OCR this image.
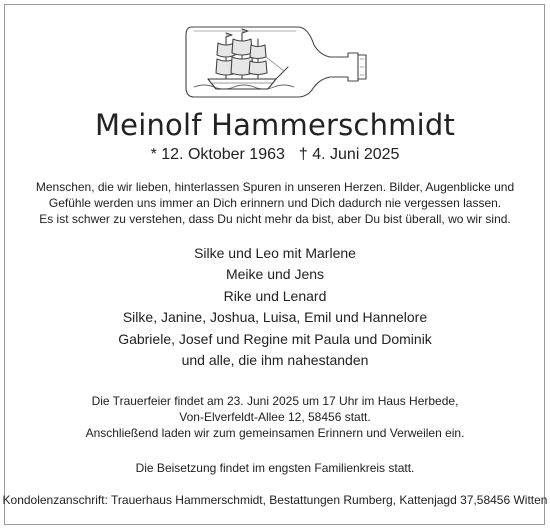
Meinolf Hammerschmidt
* 12. Oktober 1963 † 4. Juni 2025
Menschen, die wir lieben, hinterlassen Spuren in unseren Herzen. Bilder, Augenblicke und
Gefühle werden uns immer an Dich erinnern und Dich dadurch nie vergessen lassen.
Es ist schwer zu verstehen, dass Du nicht mehr da bist, aber Du bist überall, wo wir sind.
Silke und Leo mit Marlene
Meike und Jens
Rike und Lenard
Silke, Janine, Joshua, Luisa, Emil und Hannelore
Gabriele, Josef und Regine mit Paula und Dominik
und alle, die ihm nahestanden
Die Trauerfeier findet am 23. Juni 2025 um 17 Uhr im Haus Herbede,
Von-Elverfeldt-Allee 12, 58456 statt.
Anschließend laden wir zum gemeinsamen Erinnern und Verweilen ein.
Die Beisetzung findet im engsten Familienkreis statt.
Kondolenzanschrift: Trauerhaus Hammerschmidt, Bestattungen Rumberg, Kattenjagd 37,58456 Witten
